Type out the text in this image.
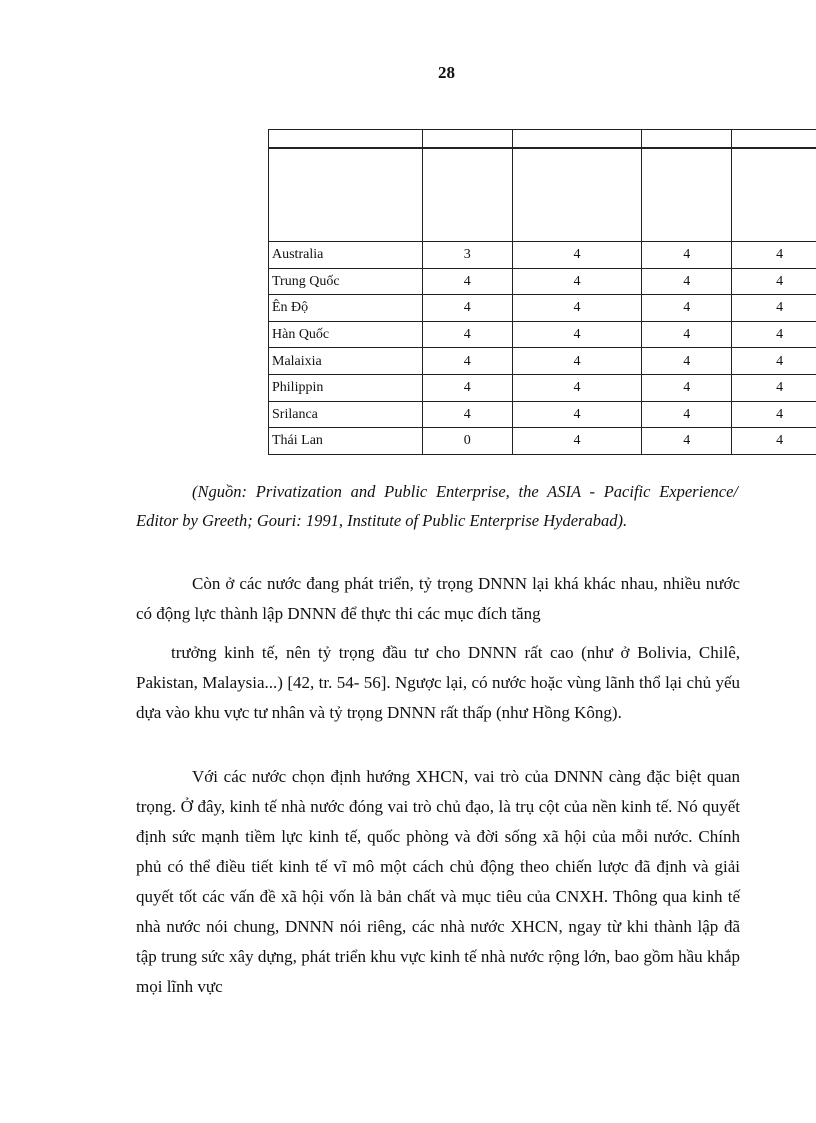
28

Australia	3	4	4	4
Trung Quốc	4	4	4	4
Ên Độ	4	4	4	4
Hàn Quốc	4	4	4	4
Malaixia	4	4	4	4
Philippin	4	4	4	4
Srilanca	4	4	4	4
Thái Lan	0	4	4	4
(Nguồn: Privatization and Public Enterprise, the ASIA - Pacific Experience/ Editor by Greeth; Gouri: 1991, Institute of Public Enterprise Hyderabad).

Còn ở các nước đang phát triển, tỷ trọng DNNN lại khá khác nhau, nhiều nước có động lực thành lập DNNN để thực thi các mục đích tăng

trưởng kinh tế, nên tỷ trọng đầu tư cho DNNN rất cao (như ở Bolivia, Chilê, Pakistan, Malaysia...) [42, tr. 54- 56]. Ngược lại, có nước hoặc vùng lãnh thổ lại chủ yếu dựa vào khu vực tư nhân và tỷ trọng DNNN rất thấp (như Hồng Kông).

Với các nước chọn định hướng XHCN, vai trò của DNNN càng đặc biệt quan trọng. Ở đây, kinh tế nhà nước đóng vai trò chủ đạo, là trụ cột của nền kinh tế. Nó quyết định sức mạnh tiềm lực kinh tế, quốc phòng và đời sống xã hội của mỗi nước. Chính phủ có thể điều tiết kinh tế vĩ mô một cách chủ động theo chiến lược đã định và giải quyết tốt các vấn đề xã hội vốn là bản chất và mục tiêu của CNXH. Thông qua kinh tế nhà nước nói chung, DNNN nói riêng, các nhà nước XHCN, ngay từ khi thành lập đã tập trung sức xây dựng, phát triển khu vực kinh tế nhà nước rộng lớn, bao gồm hầu khắp mọi lĩnh vực
